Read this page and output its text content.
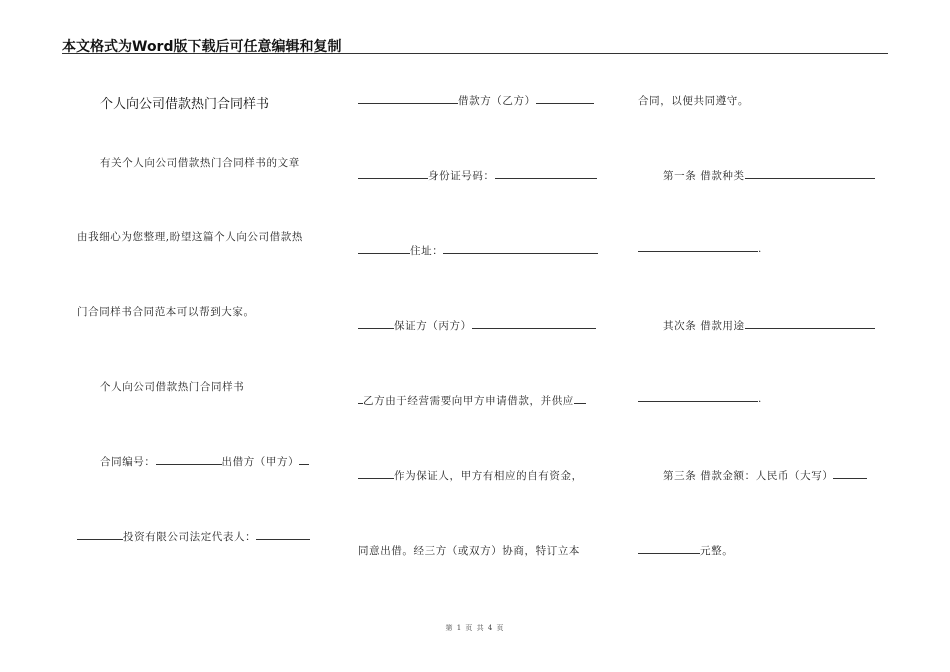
本文格式为Word版下载后可任意编辑和复制
个人向公司借款热门合同样书
有关个人向公司借款热门合同样书的文章
由我细心为您整理,盼望这篇个人向公司借款热
门合同样书合同范本可以帮到大家。
个人向公司借款热门合同样书
合同编号：	出借方（甲方）
投资有限公司法定代表人：
借款方（乙方）
身份证号码：
住址：
保证方（丙方）
乙方由于经营需要向甲方申请借款，并供应
作为保证人，甲方有相应的自有资金，
同意出借。经三方（或双方）协商，特订立本
合同，以便共同遵守。
第一条 借款种类
.
其次条 借款用途
.
第三条 借款金额：人民币（大写）
元整。
第 1 页 共 4 页
